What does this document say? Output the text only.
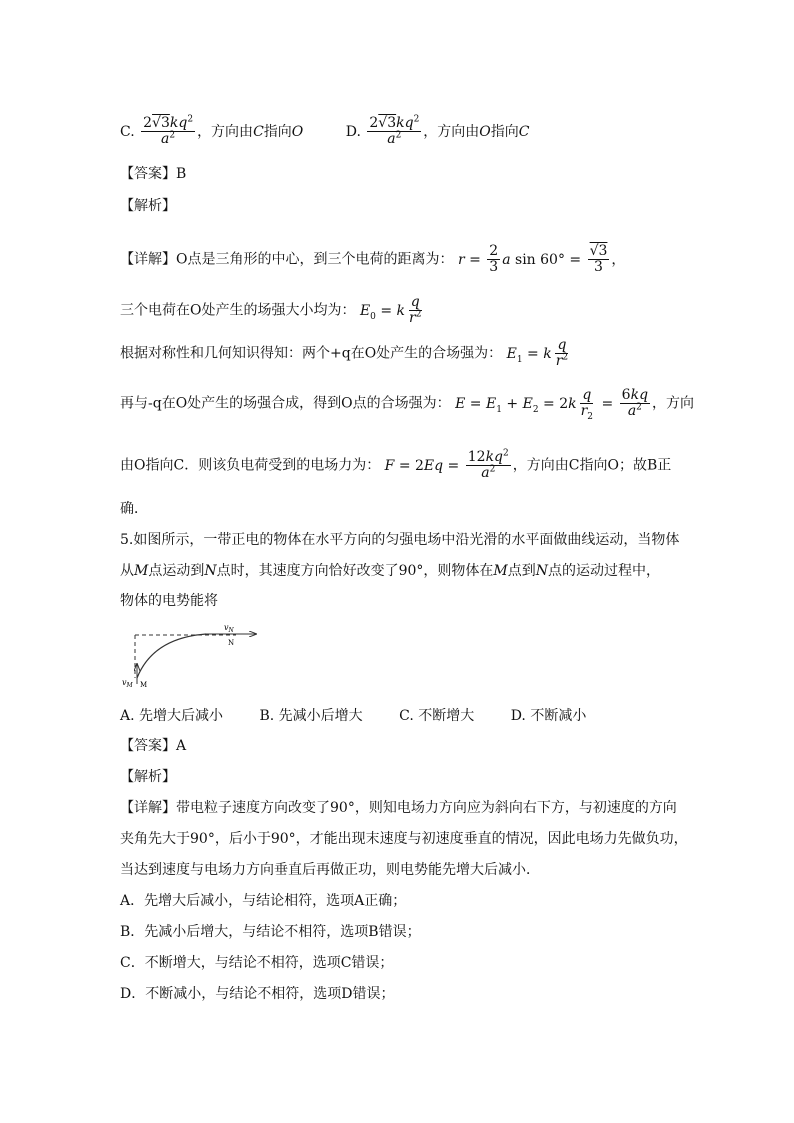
C. $\frac{2√3kq^2}{a^2}$ ，方向由C指向O	D. $\frac{2√3kq^2}{a^2}$ ，方向由O指向C
【答案】B
【解析】
【详解】O点是三角形的中心，到三个电荷的距离为： $r = \frac{2}{3}$ a $\sin 60^\circ = \frac{√3}{3}$ ，
三个电荷在O处产生的场强大小均为： $E_0 = k \frac{q}{r^2}$
根据对称性和几何知识得知：两个+q在O处产生的合场强为： $E_1 = k \frac{q}{r^2}$
再与-q在O处产生的场强合成，得到O点的合场强为： $E = E_1 + E_2 = 2k \frac{q}{r_2} = \frac{6kq}{a^2}$ ，方向
由O指向C．则该负电荷受到的电场力为： $F = 2Eq = \frac{12kq^2}{a^2}$ ，方向由C指向O；故B正
确．
5.如图所示，一带正电的物体在水平方向的匀强电场中沿光滑的水平面做曲线运动，当物体
从M点运动到N点时，其速度方向恰好改变了90°，则物体在M点到N点的运动过程中，
物体的电势能将
$v_N$
N
$v_M$ M
A. 先增大后减小	B. 先减小后增大	C. 不断增大	D. 不断减小
【答案】A
【解析】
【详解】带电粒子速度方向改变了90°，则知电场力方向应为斜向右下方，与初速度的方向
夹角先大于90°，后小于90°，才能出现末速度与初速度垂直的情况，因此电场力先做负功，
当达到速度与电场力方向垂直后再做正功，则电势能先增大后减小．
A．先增大后减小，与结论相符，选项A正确；
B．先减小后增大，与结论不相符，选项B错误；
C．不断增大，与结论不相符，选项C错误；
D．不断减小，与结论不相符，选项D错误；
